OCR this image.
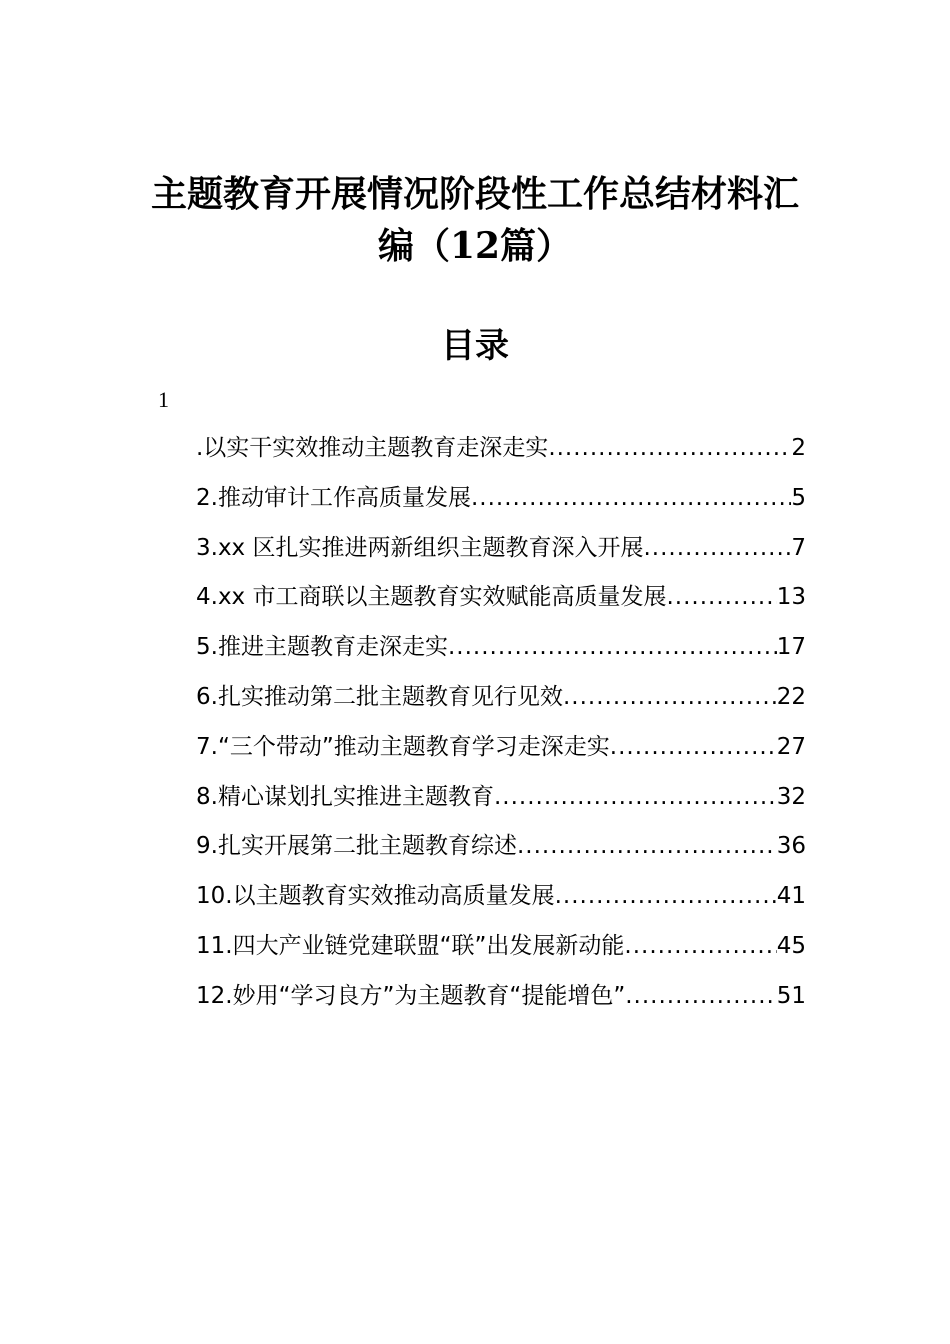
主题教育开展情况阶段性工作总结材料汇
编（12篇）
目录
1
.以实干实效推动主题教育走深走实 .....	2
2.推动审计工作高质量发展 .....	5
3.xx 区扎实推进两新组织主题教育深入开展 .....	7
4.xx 市工商联以主题教育实效赋能高质量发展 .....	13
5.推进主题教育走深走实 .....	17
6.扎实推动第二批主题教育见行见效 .....	22
7.“三个带动”推动主题教育学习走深走实 .....	27
8.精心谋划扎实推进主题教育 .....	32
9.扎实开展第二批主题教育综述 .....	36
10.以主题教育实效推动高质量发展 .....	41
11.四大产业链党建联盟“联”出发展新动能 .....	45
12.妙用“学习良方”为主题教育“提能增色” .....	51
